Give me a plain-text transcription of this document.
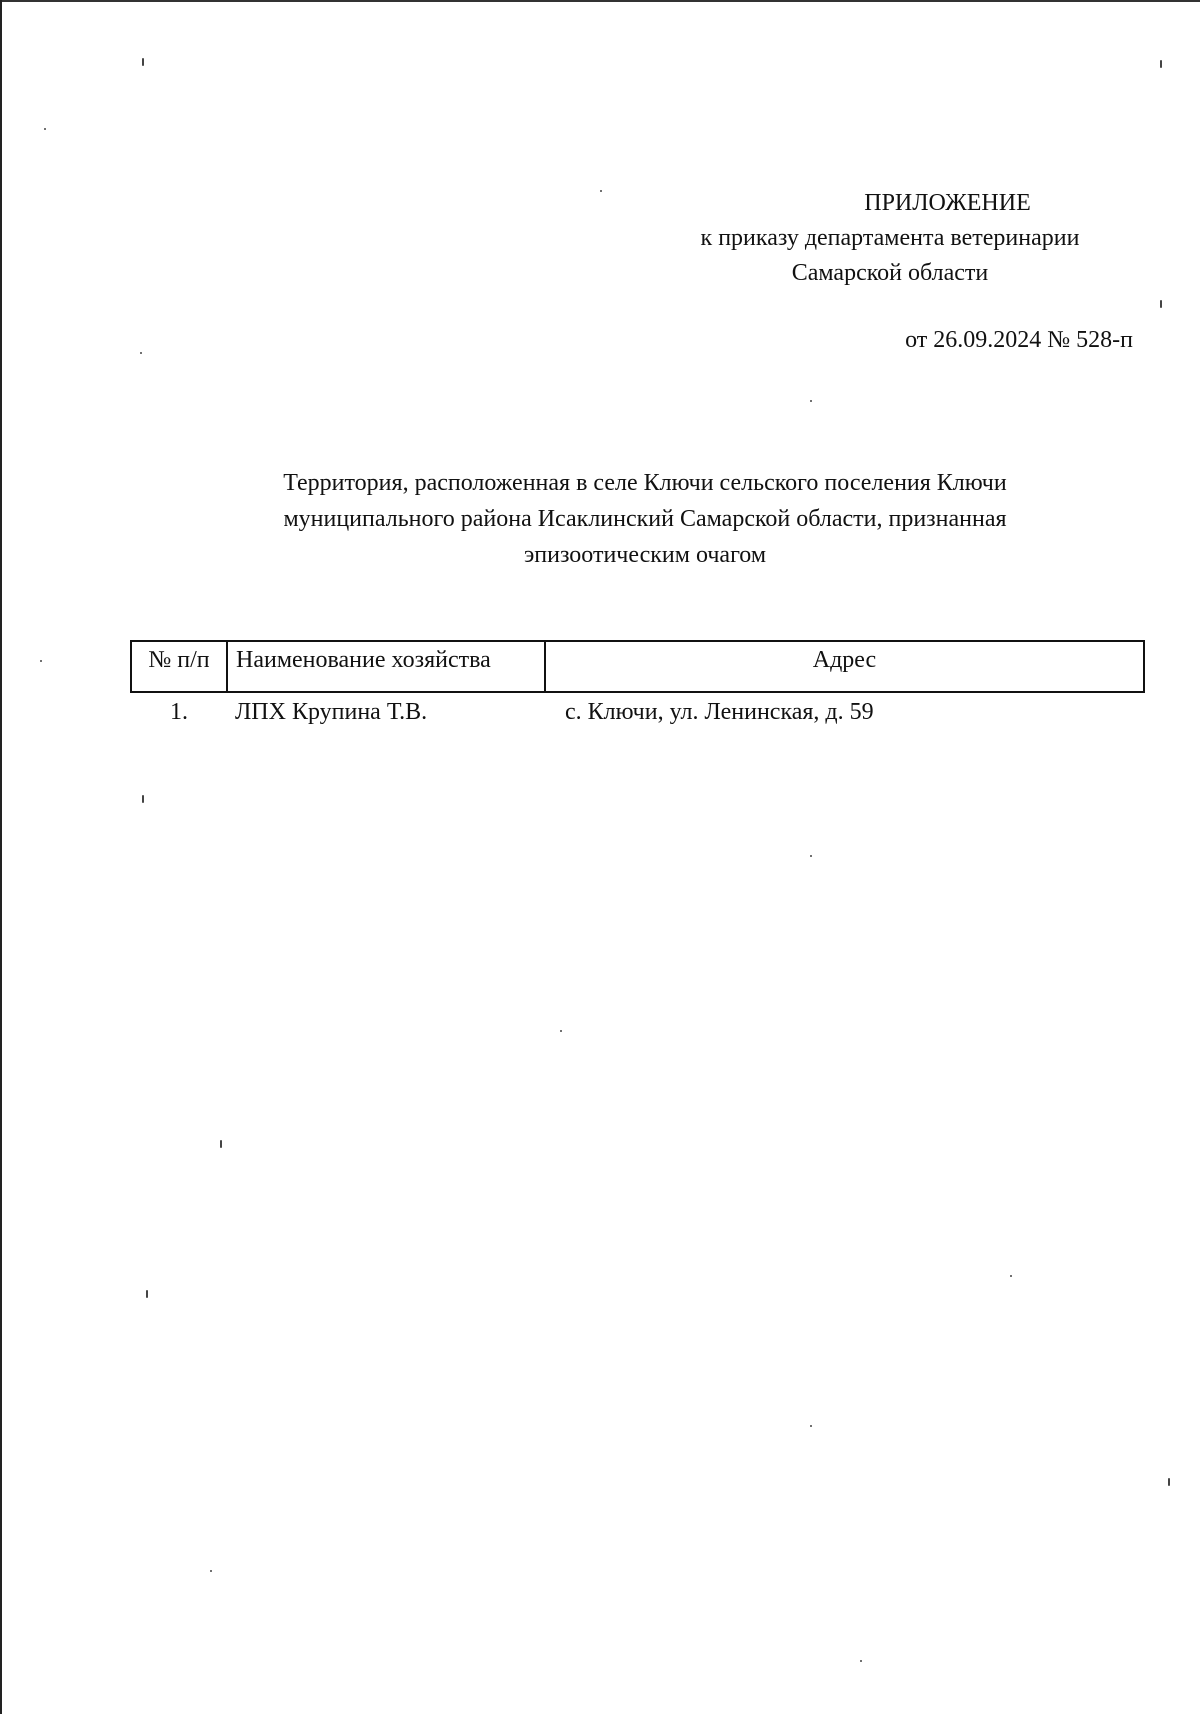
ПРИЛОЖЕНИЕ
к приказу департамента ветеринарии
Самарской области
от 26.09.2024 № 528-п
Территория, расположенная в селе Ключи сельского поселения Ключи
муниципального района Исаклинский Самарской области, признанная
эпизоотическим очагом
№ п/п	Наименование хозяйства	Адрес
1.	ЛПХ Крупина Т.В.	с. Ключи, ул. Ленинская, д. 59
